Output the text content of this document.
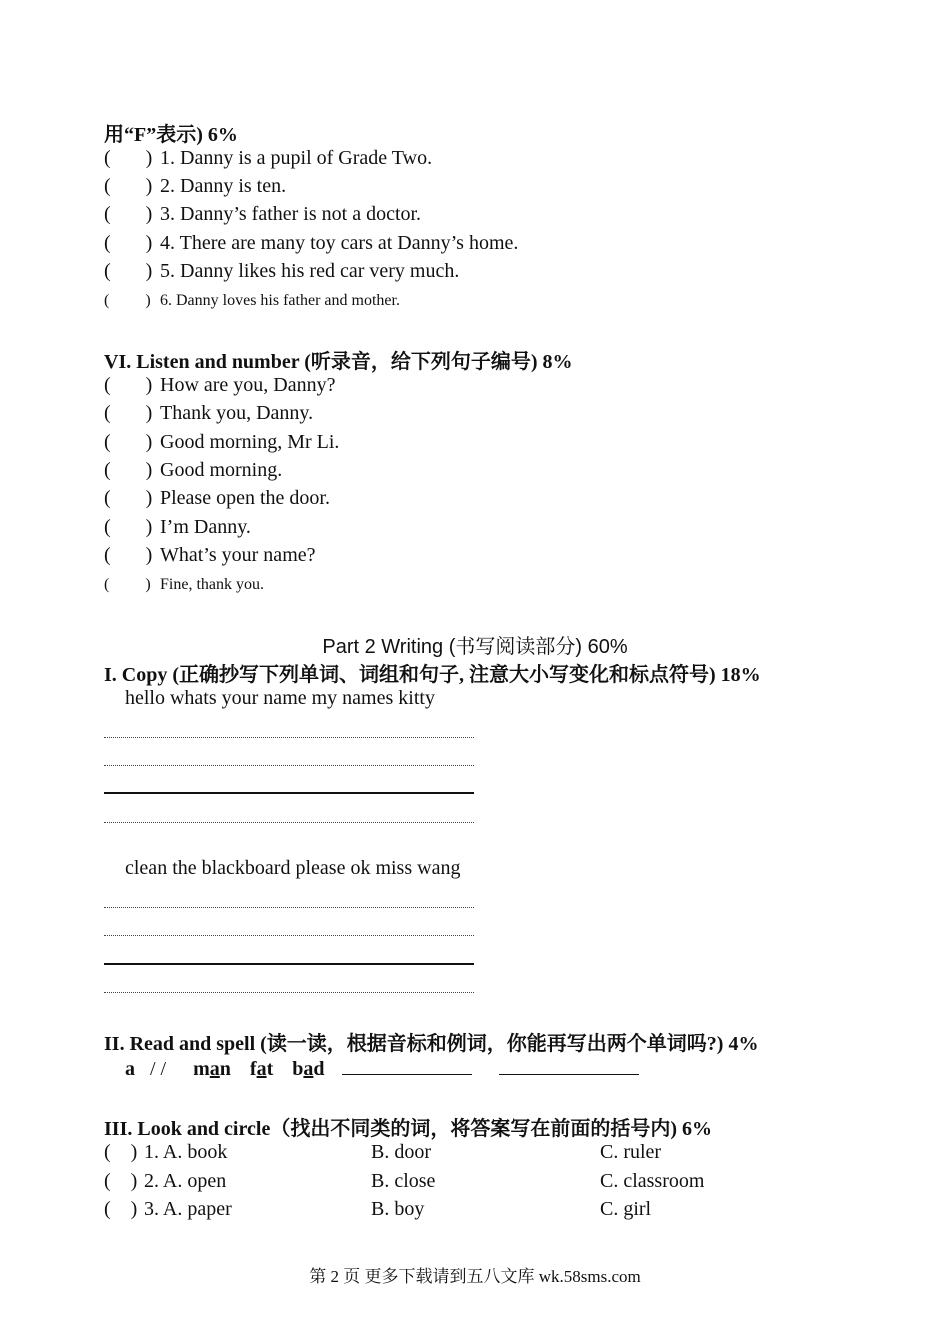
用“F”表示) 6%
(       ) 1. Danny is a pupil of Grade Two.
(       ) 2. Danny is ten.
(       ) 3. Danny’s father is not a doctor.
(       ) 4. There are many toy cars at Danny’s home.
(       ) 5. Danny likes his red car very much.
(         ) 6. Danny loves his father and mother.
VI. Listen and number (听录音，给下列句子编号) 8%
(       ) How are you, Danny?
(       ) Thank you, Danny.
(       ) Good morning, Mr Li.
(       ) Good morning.
(       ) Please open the door.
(       ) I’m Danny.
(       ) What’s your name?
(         ) Fine, thank you.
Part 2 Writing (书写阅读部分) 60%
I. Copy (正确抄写下列单词、词组和句子, 注意大小写变化和标点符号) 18%
hello whats your name my names kitty
clean the blackboard please ok miss wang
II. Read and spell (读一读，根据音标和例词，你能再写出两个单词吗?) 4%
a / / man fat bad
III. Look and circle（找出不同类的词，将答案写在前面的括号内) 6%
(    ) 1. A. book	B. door	C. ruler
(    ) 2. A. open	B. close	C. classroom
(    ) 3. A. paper	B. boy	C. girl
第 2 页 更多下载请到五八文库 wk.58sms.com
